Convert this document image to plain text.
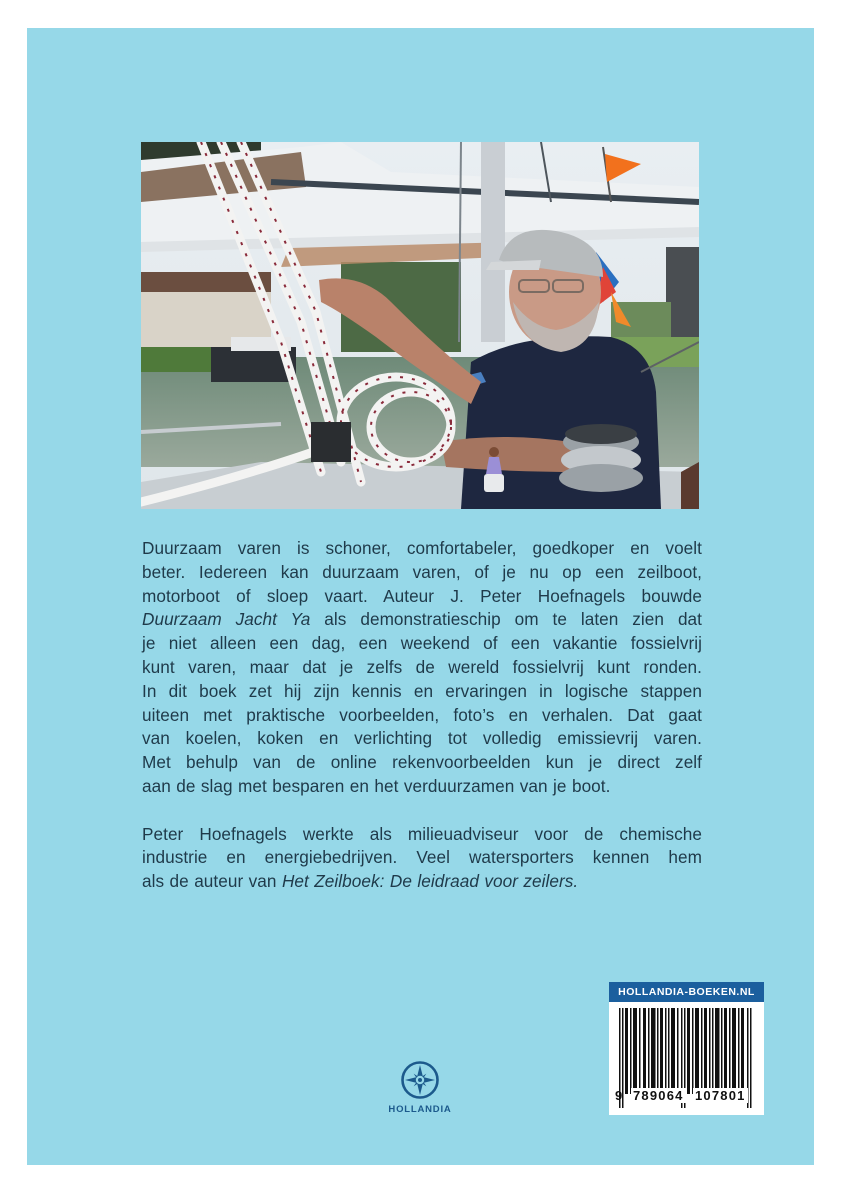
Duurzaam varen is schoner, comfortabeler, goedkoper en voelt
beter. Iedereen kan duurzaam varen, of je nu op een zeilboot,
motorboot of sloep vaart. Auteur J. Peter Hoefnagels bouwde
Duurzaam Jacht Ya als demonstratieschip om te laten zien dat
je niet alleen een dag, een weekend of een vakantie fossielvrij
kunt varen, maar dat je zelfs de wereld fossielvrij kunt ronden.
In dit boek zet hij zijn kennis en ervaringen in logische stappen
uiteen met praktische voorbeelden, foto’s en verhalen. Dat gaat
van koelen, koken en verlichting tot volledig emissievrij varen.
Met behulp van de online rekenvoorbeelden kun je direct zelf
aan de slag met besparen en het verduurzamen van je boot.

Peter Hoefnagels werkte als milieuadviseur voor de chemische
industrie en energiebedrijven. Veel watersporters kennen hem
als de auteur van Het Zeilboek: De leidraad voor zeilers.

HOLLANDIA
HOLLANDIA-BOEKEN.NL
9 789064 107801
